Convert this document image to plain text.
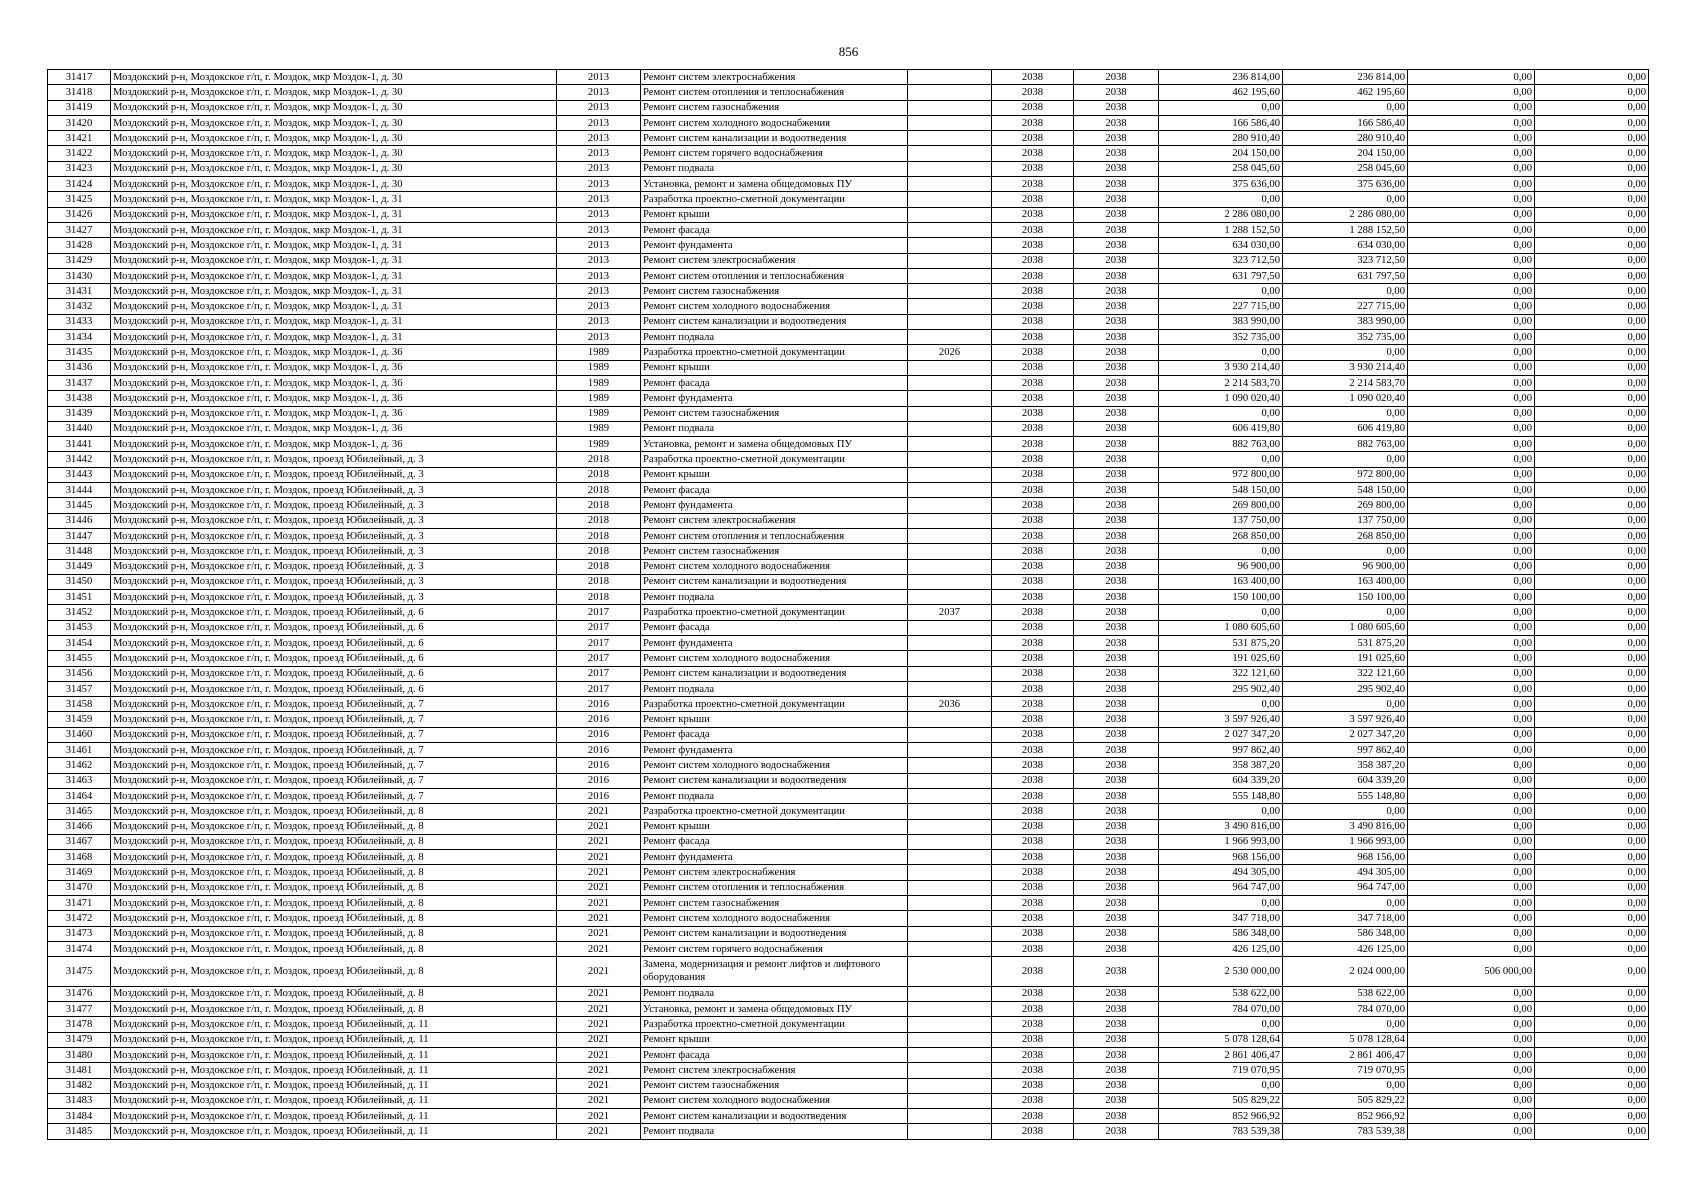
856
31417	Моздокский р-н, Моздокское г/п, г. Моздок, мкр Моздок-1, д. 30	2013	Ремонт систем электроснабжения		2038	2038	236 814,00	236 814,00	0,00	0,00
31418	Моздокский р-н, Моздокское г/п, г. Моздок, мкр Моздок-1, д. 30	2013	Ремонт систем отопления и теплоснабжения		2038	2038	462 195,60	462 195,60	0,00	0,00
31419	Моздокский р-н, Моздокское г/п, г. Моздок, мкр Моздок-1, д. 30	2013	Ремонт систем газоснабжения		2038	2038	0,00	0,00	0,00	0,00
31420	Моздокский р-н, Моздокское г/п, г. Моздок, мкр Моздок-1, д. 30	2013	Ремонт систем холодного водоснабжения		2038	2038	166 586,40	166 586,40	0,00	0,00
31421	Моздокский р-н, Моздокское г/п, г. Моздок, мкр Моздок-1, д. 30	2013	Ремонт систем канализации и водоотведения		2038	2038	280 910,40	280 910,40	0,00	0,00
31422	Моздокский р-н, Моздокское г/п, г. Моздок, мкр Моздок-1, д. 30	2013	Ремонт систем горячего водоснабжения		2038	2038	204 150,00	204 150,00	0,00	0,00
31423	Моздокский р-н, Моздокское г/п, г. Моздок, мкр Моздок-1, д. 30	2013	Ремонт подвала		2038	2038	258 045,60	258 045,60	0,00	0,00
31424	Моздокский р-н, Моздокское г/п, г. Моздок, мкр Моздок-1, д. 30	2013	Установка, ремонт и замена общедомовых ПУ		2038	2038	375 636,00	375 636,00	0,00	0,00
31425	Моздокский р-н, Моздокское г/п, г. Моздок, мкр Моздок-1, д. 31	2013	Разработка проектно-сметной документации		2038	2038	0,00	0,00	0,00	0,00
31426	Моздокский р-н, Моздокское г/п, г. Моздок, мкр Моздок-1, д. 31	2013	Ремонт крыши		2038	2038	2 286 080,00	2 286 080,00	0,00	0,00
31427	Моздокский р-н, Моздокское г/п, г. Моздок, мкр Моздок-1, д. 31	2013	Ремонт фасада		2038	2038	1 288 152,50	1 288 152,50	0,00	0,00
31428	Моздокский р-н, Моздокское г/п, г. Моздок, мкр Моздок-1, д. 31	2013	Ремонт фундамента		2038	2038	634 030,00	634 030,00	0,00	0,00
31429	Моздокский р-н, Моздокское г/п, г. Моздок, мкр Моздок-1, д. 31	2013	Ремонт систем электроснабжения		2038	2038	323 712,50	323 712,50	0,00	0,00
31430	Моздокский р-н, Моздокское г/п, г. Моздок, мкр Моздок-1, д. 31	2013	Ремонт систем отопления и теплоснабжения		2038	2038	631 797,50	631 797,50	0,00	0,00
31431	Моздокский р-н, Моздокское г/п, г. Моздок, мкр Моздок-1, д. 31	2013	Ремонт систем газоснабжения		2038	2038	0,00	0,00	0,00	0,00
31432	Моздокский р-н, Моздокское г/п, г. Моздок, мкр Моздок-1, д. 31	2013	Ремонт систем холодного водоснабжения		2038	2038	227 715,00	227 715,00	0,00	0,00
31433	Моздокский р-н, Моздокское г/п, г. Моздок, мкр Моздок-1, д. 31	2013	Ремонт систем канализации и водоотведения		2038	2038	383 990,00	383 990,00	0,00	0,00
31434	Моздокский р-н, Моздокское г/п, г. Моздок, мкр Моздок-1, д. 31	2013	Ремонт подвала		2038	2038	352 735,00	352 735,00	0,00	0,00
31435	Моздокский р-н, Моздокское г/п, г. Моздок, мкр Моздок-1, д. 36	1989	Разработка проектно-сметной документации	2026	2038	2038	0,00	0,00	0,00	0,00
31436	Моздокский р-н, Моздокское г/п, г. Моздок, мкр Моздок-1, д. 36	1989	Ремонт крыши		2038	2038	3 930 214,40	3 930 214,40	0,00	0,00
31437	Моздокский р-н, Моздокское г/п, г. Моздок, мкр Моздок-1, д. 36	1989	Ремонт фасада		2038	2038	2 214 583,70	2 214 583,70	0,00	0,00
31438	Моздокский р-н, Моздокское г/п, г. Моздок, мкр Моздок-1, д. 36	1989	Ремонт фундамента		2038	2038	1 090 020,40	1 090 020,40	0,00	0,00
31439	Моздокский р-н, Моздокское г/п, г. Моздок, мкр Моздок-1, д. 36	1989	Ремонт систем газоснабжения		2038	2038	0,00	0,00	0,00	0,00
31440	Моздокский р-н, Моздокское г/п, г. Моздок, мкр Моздок-1, д. 36	1989	Ремонт подвала		2038	2038	606 419,80	606 419,80	0,00	0,00
31441	Моздокский р-н, Моздокское г/п, г. Моздок, мкр Моздок-1, д. 36	1989	Установка, ремонт и замена общедомовых ПУ		2038	2038	882 763,00	882 763,00	0,00	0,00
31442	Моздокский р-н, Моздокское г/п, г. Моздок, проезд Юбилейный, д. 3	2018	Разработка проектно-сметной документации		2038	2038	0,00	0,00	0,00	0,00
31443	Моздокский р-н, Моздокское г/п, г. Моздок, проезд Юбилейный, д. 3	2018	Ремонт крыши		2038	2038	972 800,00	972 800,00	0,00	0,00
31444	Моздокский р-н, Моздокское г/п, г. Моздок, проезд Юбилейный, д. 3	2018	Ремонт фасада		2038	2038	548 150,00	548 150,00	0,00	0,00
31445	Моздокский р-н, Моздокское г/п, г. Моздок, проезд Юбилейный, д. 3	2018	Ремонт фундамента		2038	2038	269 800,00	269 800,00	0,00	0,00
31446	Моздокский р-н, Моздокское г/п, г. Моздок, проезд Юбилейный, д. 3	2018	Ремонт систем электроснабжения		2038	2038	137 750,00	137 750,00	0,00	0,00
31447	Моздокский р-н, Моздокское г/п, г. Моздок, проезд Юбилейный, д. 3	2018	Ремонт систем отопления и теплоснабжения		2038	2038	268 850,00	268 850,00	0,00	0,00
31448	Моздокский р-н, Моздокское г/п, г. Моздок, проезд Юбилейный, д. 3	2018	Ремонт систем газоснабжения		2038	2038	0,00	0,00	0,00	0,00
31449	Моздокский р-н, Моздокское г/п, г. Моздок, проезд Юбилейный, д. 3	2018	Ремонт систем холодного водоснабжения		2038	2038	96 900,00	96 900,00	0,00	0,00
31450	Моздокский р-н, Моздокское г/п, г. Моздок, проезд Юбилейный, д. 3	2018	Ремонт систем канализации и водоотведения		2038	2038	163 400,00	163 400,00	0,00	0,00
31451	Моздокский р-н, Моздокское г/п, г. Моздок, проезд Юбилейный, д. 3	2018	Ремонт подвала		2038	2038	150 100,00	150 100,00	0,00	0,00
31452	Моздокский р-н, Моздокское г/п, г. Моздок, проезд Юбилейный, д. 6	2017	Разработка проектно-сметной документации	2037	2038	2038	0,00	0,00	0,00	0,00
31453	Моздокский р-н, Моздокское г/п, г. Моздок, проезд Юбилейный, д. 6	2017	Ремонт фасада		2038	2038	1 080 605,60	1 080 605,60	0,00	0,00
31454	Моздокский р-н, Моздокское г/п, г. Моздок, проезд Юбилейный, д. 6	2017	Ремонт фундамента		2038	2038	531 875,20	531 875,20	0,00	0,00
31455	Моздокский р-н, Моздокское г/п, г. Моздок, проезд Юбилейный, д. 6	2017	Ремонт систем холодного водоснабжения		2038	2038	191 025,60	191 025,60	0,00	0,00
31456	Моздокский р-н, Моздокское г/п, г. Моздок, проезд Юбилейный, д. 6	2017	Ремонт систем канализации и водоотведения		2038	2038	322 121,60	322 121,60	0,00	0,00
31457	Моздокский р-н, Моздокское г/п, г. Моздок, проезд Юбилейный, д. 6	2017	Ремонт подвала		2038	2038	295 902,40	295 902,40	0,00	0,00
31458	Моздокский р-н, Моздокское г/п, г. Моздок, проезд Юбилейный, д. 7	2016	Разработка проектно-сметной документации	2036	2038	2038	0,00	0,00	0,00	0,00
31459	Моздокский р-н, Моздокское г/п, г. Моздок, проезд Юбилейный, д. 7	2016	Ремонт крыши		2038	2038	3 597 926,40	3 597 926,40	0,00	0,00
31460	Моздокский р-н, Моздокское г/п, г. Моздок, проезд Юбилейный, д. 7	2016	Ремонт фасада		2038	2038	2 027 347,20	2 027 347,20	0,00	0,00
31461	Моздокский р-н, Моздокское г/п, г. Моздок, проезд Юбилейный, д. 7	2016	Ремонт фундамента		2038	2038	997 862,40	997 862,40	0,00	0,00
31462	Моздокский р-н, Моздокское г/п, г. Моздок, проезд Юбилейный, д. 7	2016	Ремонт систем холодного водоснабжения		2038	2038	358 387,20	358 387,20	0,00	0,00
31463	Моздокский р-н, Моздокское г/п, г. Моздок, проезд Юбилейный, д. 7	2016	Ремонт систем канализации и водоотведения		2038	2038	604 339,20	604 339,20	0,00	0,00
31464	Моздокский р-н, Моздокское г/п, г. Моздок, проезд Юбилейный, д. 7	2016	Ремонт подвала		2038	2038	555 148,80	555 148,80	0,00	0,00
31465	Моздокский р-н, Моздокское г/п, г. Моздок, проезд Юбилейный, д. 8	2021	Разработка проектно-сметной документации		2038	2038	0,00	0,00	0,00	0,00
31466	Моздокский р-н, Моздокское г/п, г. Моздок, проезд Юбилейный, д. 8	2021	Ремонт крыши		2038	2038	3 490 816,00	3 490 816,00	0,00	0,00
31467	Моздокский р-н, Моздокское г/п, г. Моздок, проезд Юбилейный, д. 8	2021	Ремонт фасада		2038	2038	1 966 993,00	1 966 993,00	0,00	0,00
31468	Моздокский р-н, Моздокское г/п, г. Моздок, проезд Юбилейный, д. 8	2021	Ремонт фундамента		2038	2038	968 156,00	968 156,00	0,00	0,00
31469	Моздокский р-н, Моздокское г/п, г. Моздок, проезд Юбилейный, д. 8	2021	Ремонт систем электроснабжения		2038	2038	494 305,00	494 305,00	0,00	0,00
31470	Моздокский р-н, Моздокское г/п, г. Моздок, проезд Юбилейный, д. 8	2021	Ремонт систем отопления и теплоснабжения		2038	2038	964 747,00	964 747,00	0,00	0,00
31471	Моздокский р-н, Моздокское г/п, г. Моздок, проезд Юбилейный, д. 8	2021	Ремонт систем газоснабжения		2038	2038	0,00	0,00	0,00	0,00
31472	Моздокский р-н, Моздокское г/п, г. Моздок, проезд Юбилейный, д. 8	2021	Ремонт систем холодного водоснабжения		2038	2038	347 718,00	347 718,00	0,00	0,00
31473	Моздокский р-н, Моздокское г/п, г. Моздок, проезд Юбилейный, д. 8	2021	Ремонт систем канализации и водоотведения		2038	2038	586 348,00	586 348,00	0,00	0,00
31474	Моздокский р-н, Моздокское г/п, г. Моздок, проезд Юбилейный, д. 8	2021	Ремонт систем горячего водоснабжения		2038	2038	426 125,00	426 125,00	0,00	0,00
31475	Моздокский р-н, Моздокское г/п, г. Моздок, проезд Юбилейный, д. 8	2021	Замена, модернизация и ремонт лифтов и лифтового оборудования		2038	2038	2 530 000,00	2 024 000,00	506 000,00	0,00
31476	Моздокский р-н, Моздокское г/п, г. Моздок, проезд Юбилейный, д. 8	2021	Ремонт подвала		2038	2038	538 622,00	538 622,00	0,00	0,00
31477	Моздокский р-н, Моздокское г/п, г. Моздок, проезд Юбилейный, д. 8	2021	Установка, ремонт и замена общедомовых ПУ		2038	2038	784 070,00	784 070,00	0,00	0,00
31478	Моздокский р-н, Моздокское г/п, г. Моздок, проезд Юбилейный, д. 11	2021	Разработка проектно-сметной документации		2038	2038	0,00	0,00	0,00	0,00
31479	Моздокский р-н, Моздокское г/п, г. Моздок, проезд Юбилейный, д. 11	2021	Ремонт крыши		2038	2038	5 078 128,64	5 078 128,64	0,00	0,00
31480	Моздокский р-н, Моздокское г/п, г. Моздок, проезд Юбилейный, д. 11	2021	Ремонт фасада		2038	2038	2 861 406,47	2 861 406,47	0,00	0,00
31481	Моздокский р-н, Моздокское г/п, г. Моздок, проезд Юбилейный, д. 11	2021	Ремонт систем электроснабжения		2038	2038	719 070,95	719 070,95	0,00	0,00
31482	Моздокский р-н, Моздокское г/п, г. Моздок, проезд Юбилейный, д. 11	2021	Ремонт систем газоснабжения		2038	2038	0,00	0,00	0,00	0,00
31483	Моздокский р-н, Моздокское г/п, г. Моздок, проезд Юбилейный, д. 11	2021	Ремонт систем холодного водоснабжения		2038	2038	505 829,22	505 829,22	0,00	0,00
31484	Моздокский р-н, Моздокское г/п, г. Моздок, проезд Юбилейный, д. 11	2021	Ремонт систем канализации и водоотведения		2038	2038	852 966,92	852 966,92	0,00	0,00
31485	Моздокский р-н, Моздокское г/п, г. Моздок, проезд Юбилейный, д. 11	2021	Ремонт подвала		2038	2038	783 539,38	783 539,38	0,00	0,00
